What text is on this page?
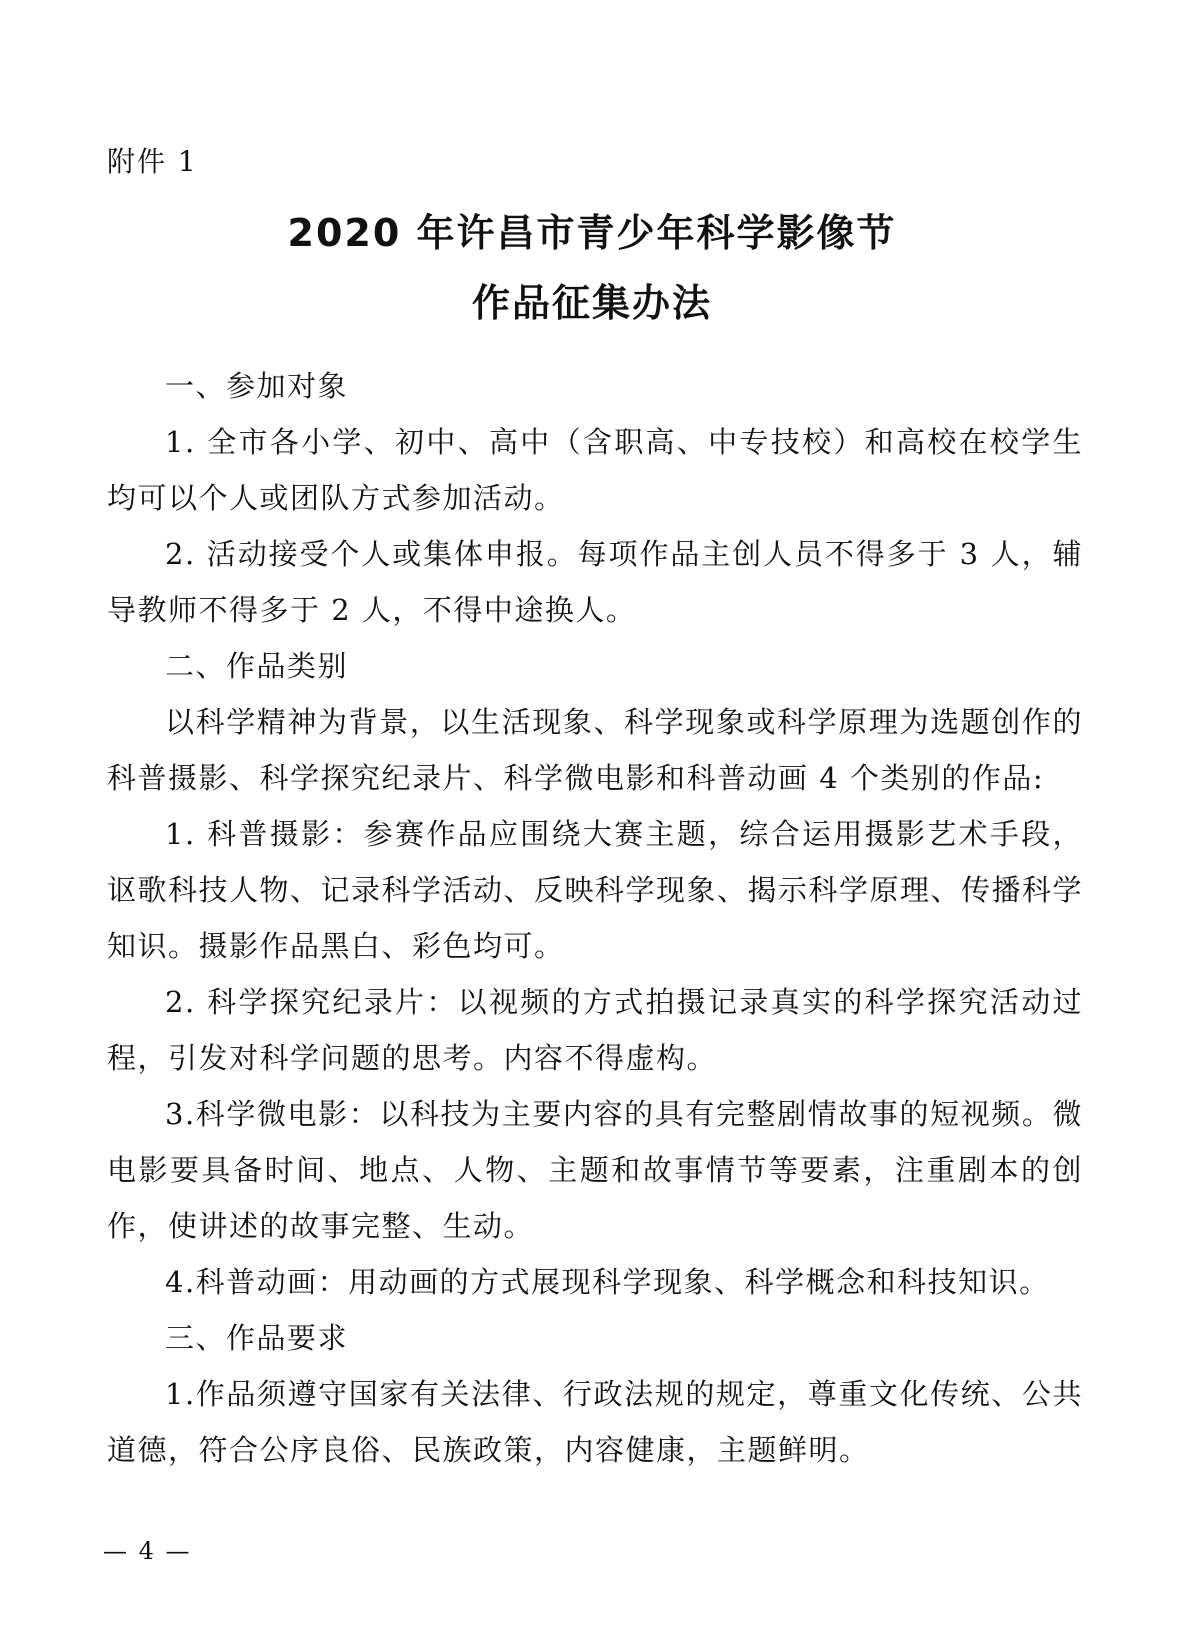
附件 1
2020 年许昌市青少年科学影像节
作品征集办法

一、参加对象

1. 全市各小学、初中、高中（含职高、中专技校）和高校在校学生均可以个人或团队方式参加活动。

2. 活动接受个人或集体申报。每项作品主创人员不得多于 3 人，辅导教师不得多于 2 人，不得中途换人。

二、作品类别

以科学精神为背景，以生活现象、科学现象或科学原理为选题创作的科普摄影、科学探究纪录片、科学微电影和科普动画 4 个类别的作品:

1. 科普摄影：参赛作品应围绕大赛主题，综合运用摄影艺术手段，讴歌科技人物、记录科学活动、反映科学现象、揭示科学原理、传播科学知识。摄影作品黑白、彩色均可。

2. 科学探究纪录片：以视频的方式拍摄记录真实的科学探究活动过程，引发对科学问题的思考。内容不得虚构。

3.科学微电影：以科技为主要内容的具有完整剧情故事的短视频。微电影要具备时间、地点、人物、主题和故事情节等要素，注重剧本的创作，使讲述的故事完整、生动。

4.科普动画：用动画的方式展现科学现象、科学概念和科技知识。

三、作品要求

1.作品须遵守国家有关法律、行政法规的规定，尊重文化传统、公共道德，符合公序良俗、民族政策，内容健康，主题鲜明。

— 4 —
